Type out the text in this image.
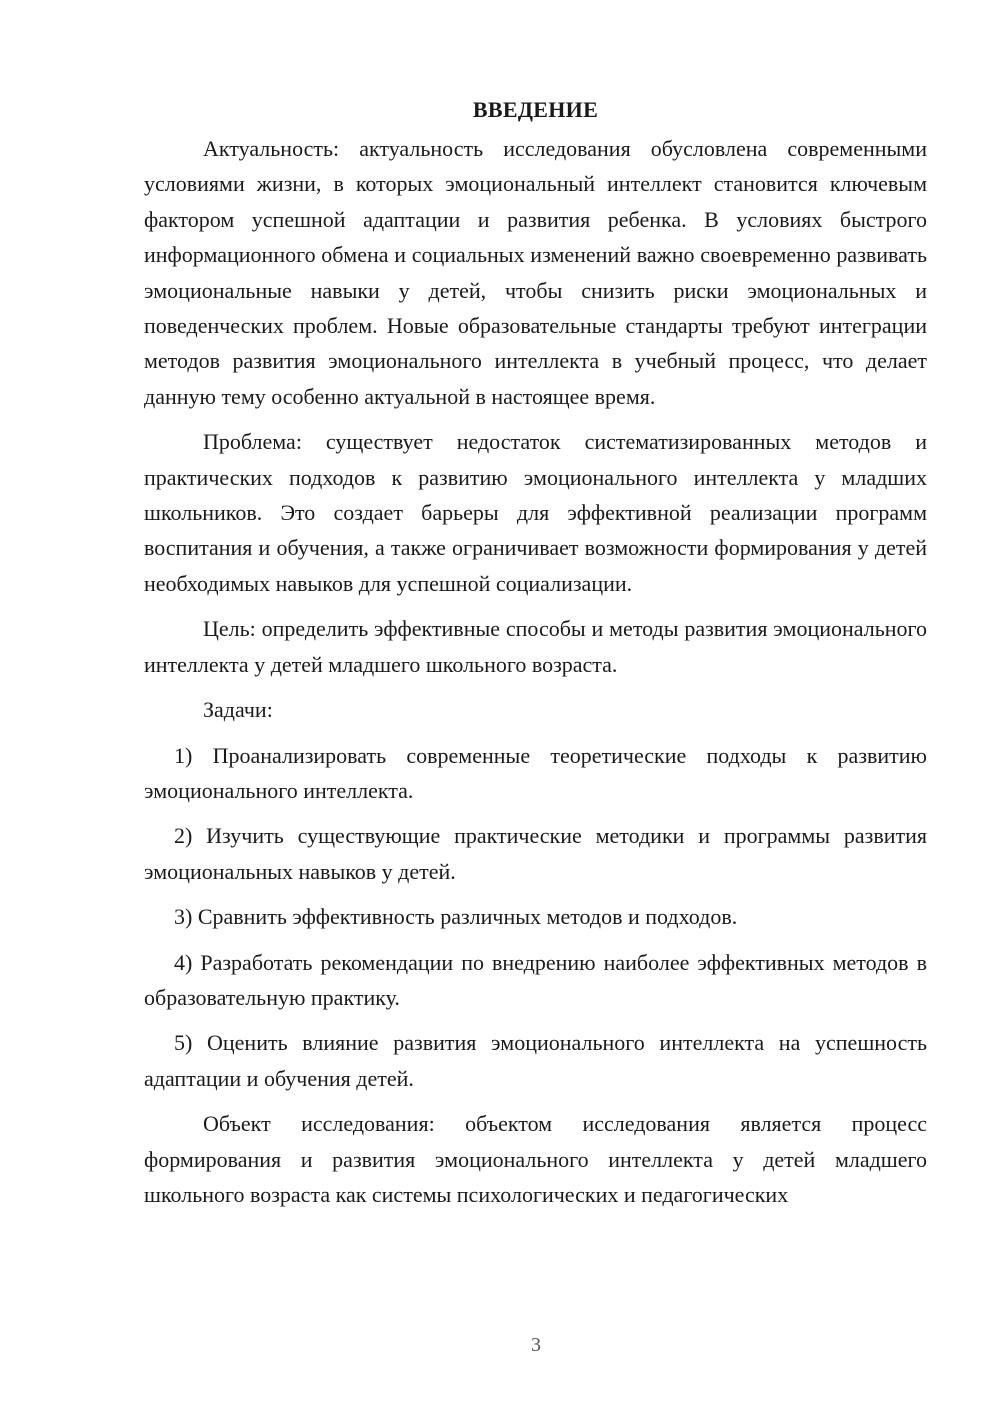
ВВЕДЕНИЕ

Актуальность: актуальность исследования обусловлена современными условиями жизни, в которых эмоциональный интеллект становится ключевым фактором успешной адаптации и развития ребенка. В условиях быстрого информационного обмена и социальных изменений важно своевременно развивать эмоциональные навыки у детей, чтобы снизить риски эмоциональных и поведенческих проблем. Новые образовательные стандарты требуют интеграции методов развития эмоционального интеллекта в учебный процесс, что делает данную тему особенно актуальной в настоящее время.

Проблема: существует недостаток систематизированных методов и практических подходов к развитию эмоционального интеллекта у младших школьников. Это создает барьеры для эффективной реализации программ воспитания и обучения, а также ограничивает возможности формирования у детей необходимых навыков для успешной социализации.

Цель: определить эффективные способы и методы развития эмоционального интеллекта у детей младшего школьного возраста.

Задачи:

1) Проанализировать современные теоретические подходы к развитию эмоционального интеллекта.

2) Изучить существующие практические методики и программы развития эмоциональных навыков у детей.

3) Сравнить эффективность различных методов и подходов.

4) Разработать рекомендации по внедрению наиболее эффективных методов в образовательную практику.

5) Оценить влияние развития эмоционального интеллекта на успешность адаптации и обучения детей.

Объект исследования: объектом исследования является процесс формирования и развития эмоционального интеллекта у детей младшего школьного возраста как системы психологических и педагогических

3
